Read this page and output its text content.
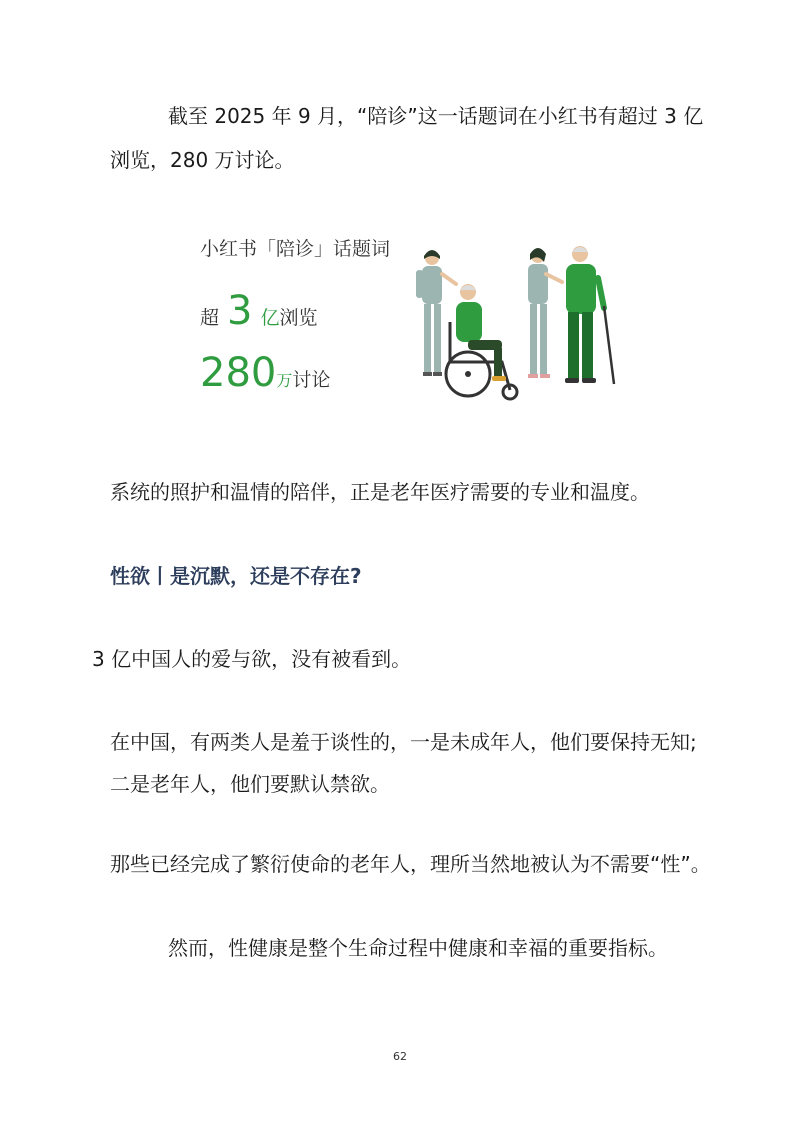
截至 2025 年 9 月，“陪诊”这一话题词在小红书有超过 3 亿
浏览，280 万讨论。
小红书「陪诊」话题词
超 3 亿浏览
280万讨论
系统的照护和温情的陪伴，正是老年医疗需要的专业和温度。
性欲丨是沉默，还是不存在?
3 亿中国人的爱与欲，没有被看到。
在中国，有两类人是羞于谈性的，一是未成年人，他们要保持无知;
二是老年人，他们要默认禁欲。
那些已经完成了繁衍使命的老年人，理所当然地被认为不需要“性”。
然而，性健康是整个生命过程中健康和幸福的重要指标。
62
